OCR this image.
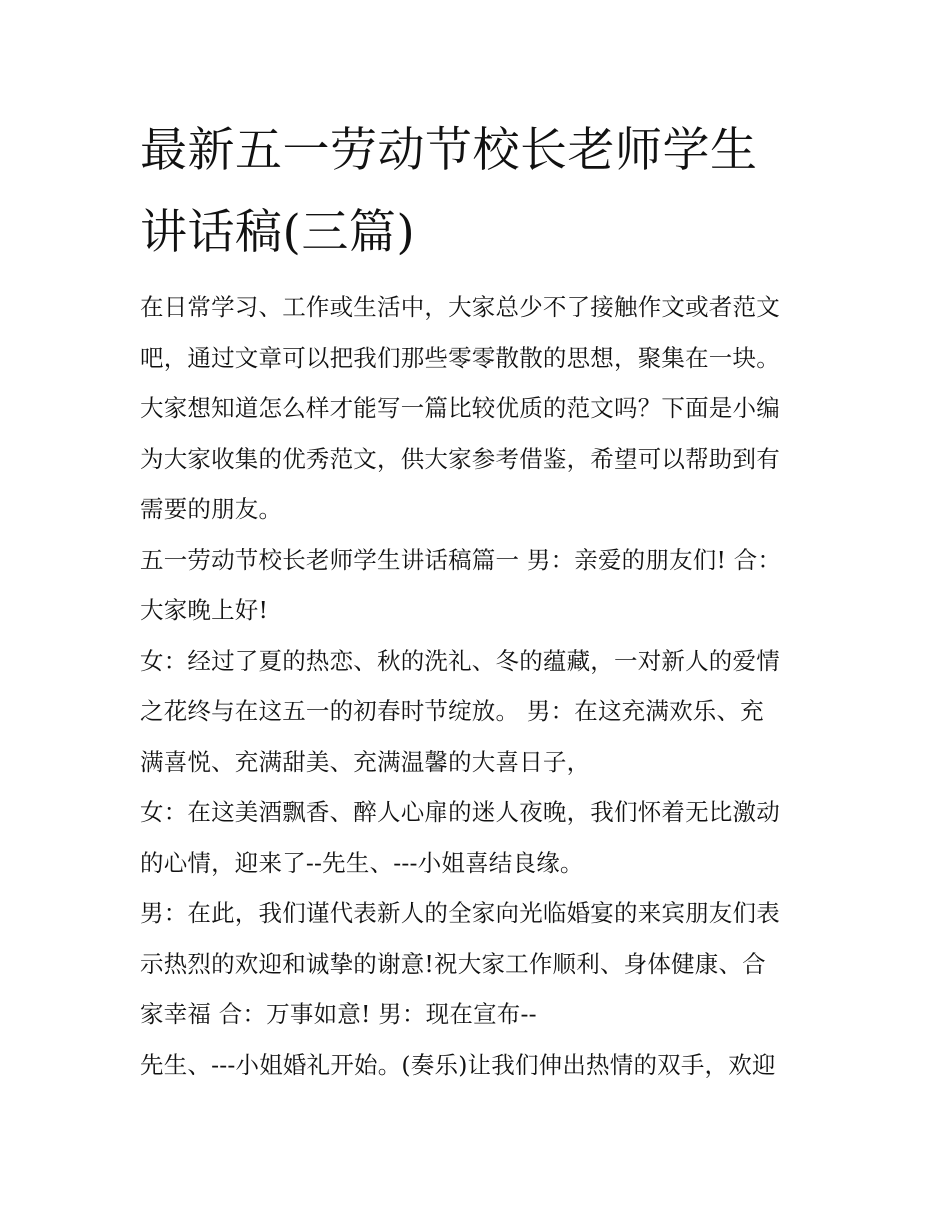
最新五一劳动节校长老师学生
讲话稿(三篇)
在日常学习、工作或生活中，大家总少不了接触作文或者范文
吧，通过文章可以把我们那些零零散散的思想，聚集在一块。
大家想知道怎么样才能写一篇比较优质的范文吗？下面是小编
为大家收集的优秀范文，供大家参考借鉴，希望可以帮助到有
需要的朋友。
五一劳动节校长老师学生讲话稿篇一 男：亲爱的朋友们! 合：
大家晚上好!
女：经过了夏的热恋、秋的洗礼、冬的蕴藏，一对新人的爱情
之花终与在这五一的初春时节绽放。 男：在这充满欢乐、充
满喜悦、充满甜美、充满温馨的大喜日子，
女：在这美酒飘香、醉人心扉的迷人夜晚，我们怀着无比激动
的心情，迎来了--先生、---小姐喜结良缘。
男：在此，我们谨代表新人的全家向光临婚宴的来宾朋友们表
示热烈的欢迎和诚挚的谢意!祝大家工作顺利、身体健康、合
家幸福 合：万事如意! 男：现在宣布--
先生、---小姐婚礼开始。(奏乐)让我们伸出热情的双手，欢迎
